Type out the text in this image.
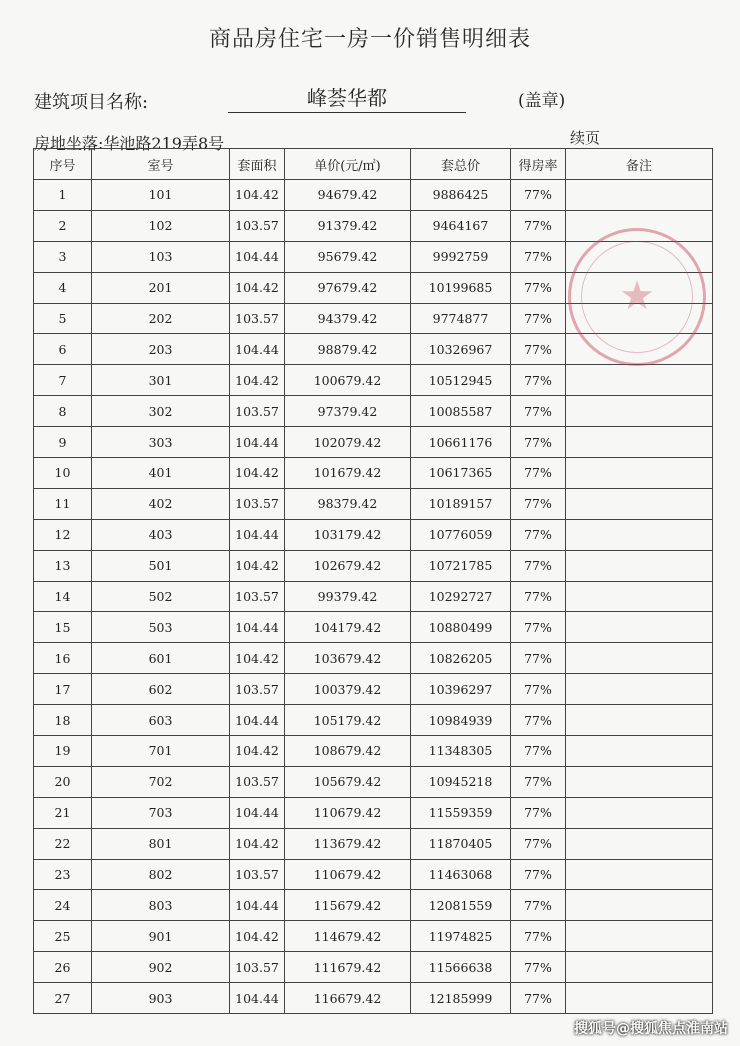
商品房住宅一房一价销售明细表
建筑项目名称:	峰荟华都	(盖章)
房地坐落:华池路219弄8号	续页
序号	室号	套面积	单价(元/㎡)	套总价	得房率	备注
1	101	104.42	94679.42	9886425	77%	
2	102	103.57	91379.42	9464167	77%	
3	103	104.44	95679.42	9992759	77%	
4	201	104.42	97679.42	10199685	77%	
5	202	103.57	94379.42	9774877	77%	
6	203	104.44	98879.42	10326967	77%	
7	301	104.42	100679.42	10512945	77%	
8	302	103.57	97379.42	10085587	77%	
9	303	104.44	102079.42	10661176	77%	
10	401	104.42	101679.42	10617365	77%	
11	402	103.57	98379.42	10189157	77%	
12	403	104.44	103179.42	10776059	77%	
13	501	104.42	102679.42	10721785	77%	
14	502	103.57	99379.42	10292727	77%	
15	503	104.44	104179.42	10880499	77%	
16	601	104.42	103679.42	10826205	77%	
17	602	103.57	100379.42	10396297	77%	
18	603	104.44	105179.42	10984939	77%	
19	701	104.42	108679.42	11348305	77%	
20	702	103.57	105679.42	10945218	77%	
21	703	104.44	110679.42	11559359	77%	
22	801	104.42	113679.42	11870405	77%	
23	802	103.57	110679.42	11463068	77%	
24	803	104.44	115679.42	12081559	77%	
25	901	104.42	114679.42	11974825	77%	
26	902	103.57	111679.42	11566638	77%	
27	903	104.44	116679.42	12185999	77%	
★
搜狐号@搜狐焦点淮南站
